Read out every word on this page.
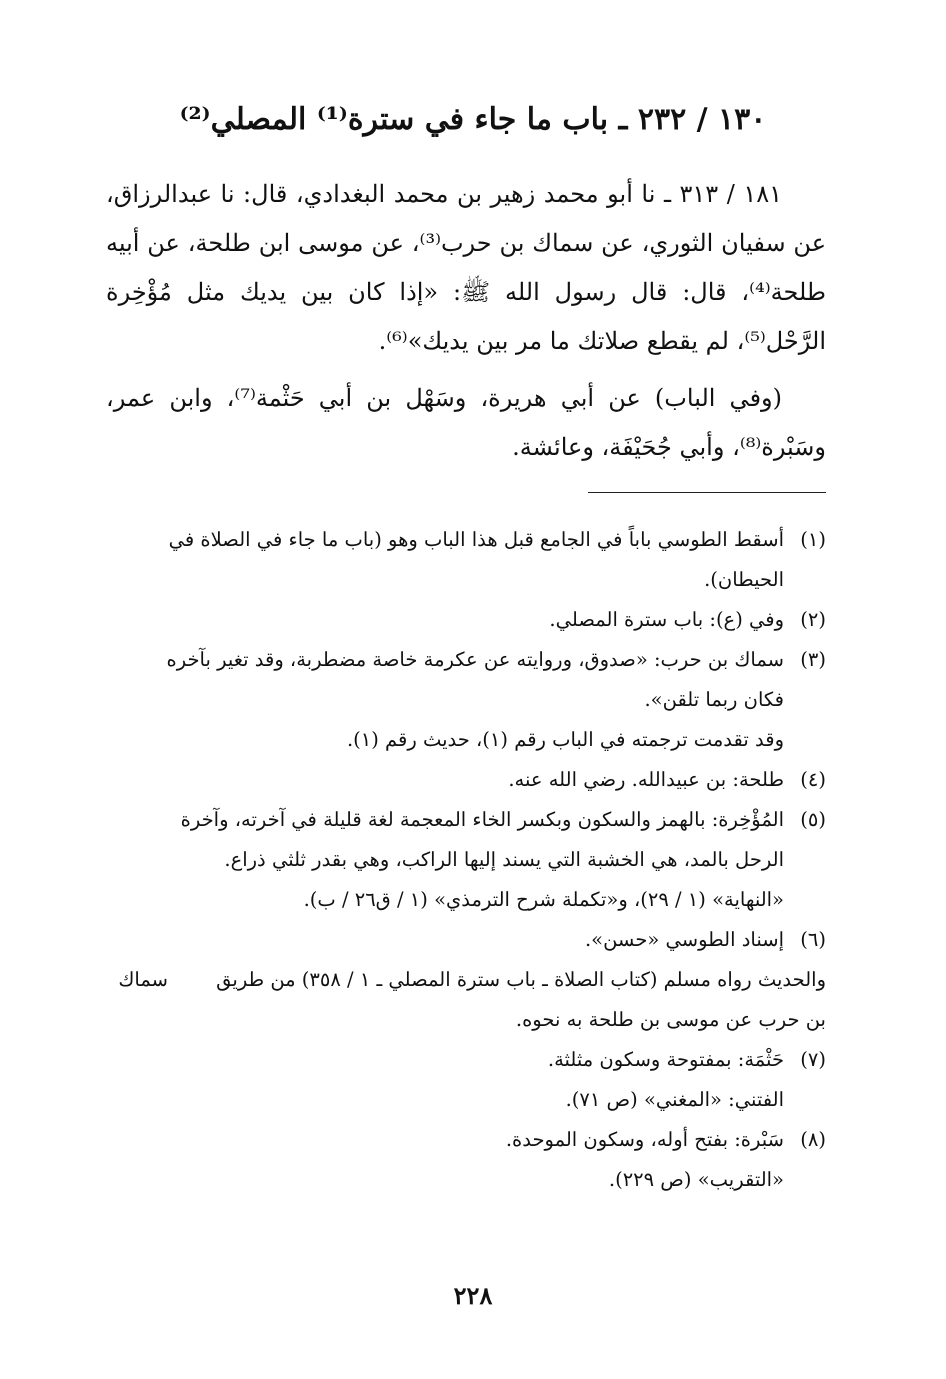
١٣٠ / ٢٣٢ ـ باب ما جاء في سترة⁽¹⁾ المصلي⁽²⁾

١٨١ / ٣١٣ ـ نا أبو محمد زهير بن محمد البغدادي، قال: نا عبدالرزاق، عن سفيان الثوري، عن سماك بن حرب⁽³⁾، عن موسى ابن طلحة، عن أبيه طلحة⁽⁴⁾، قال: قال رسول الله ﷺ: «إذا كان بين يديك مثل مُؤْخِرة الرَّحْل⁽⁵⁾، لم يقطع صلاتك ما مر بين يديك»⁽⁶⁾.

(وفي الباب) عن أبي هريرة، وسَهْل بن أبي حَثْمة⁽⁷⁾، وابن عمر، وسَبْرة⁽⁸⁾، وأبي جُحَيْفَة، وعائشة.

(١)
أسقط الطوسي باباً في الجامع قبل هذا الباب وهو (باب ما جاء في الصلاة في
الحيطان).
(٢)
وفي (ع): باب سترة المصلي.
(٣)
سماك بن حرب: «صدوق، وروايته عن عكرمة خاصة مضطربة، وقد تغير بآخره
فكان ربما تلقن».
وقد تقدمت ترجمته في الباب رقم (١)، حديث رقم (١).
(٤)
طلحة: بن عبيدالله. رضي الله عنه.
(٥)
المُؤْخِرة: بالهمز والسكون وبكسر الخاء المعجمة لغة قليلة في آخرته، وآخرة
الرحل بالمد، هي الخشبة التي يسند إليها الراكب، وهي بقدر ثلثي ذراع.
«النهاية» (١ / ٢٩)، و«تكملة شرح الترمذي» (١ / ق٢٦ / ب).
(٦)
إسناد الطوسي «حسن».
والحديث رواه مسلم (كتاب الصلاة ـ باب سترة المصلي ـ ١ / ٣٥٨) من طريق سماك بن حرب عن موسى بن طلحة به نحوه.
(٧)
حَثْمَة: بمفتوحة وسكون مثلثة.
الفتني: «المغني» (ص ٧١).
(٨)
سَبْرة: بفتح أوله، وسكون الموحدة.
«التقريب» (ص ٢٢٩).
٢٢٨
